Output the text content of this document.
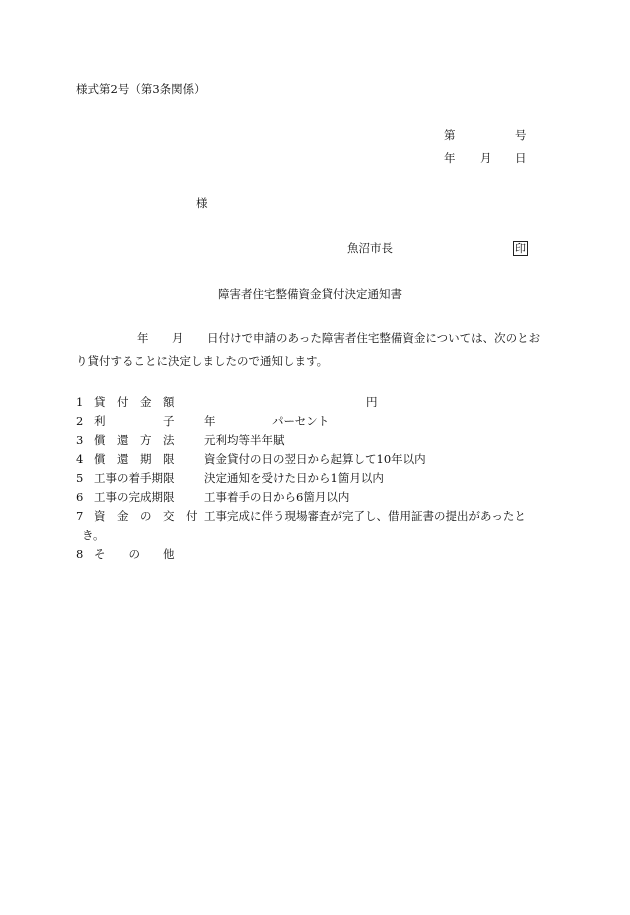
様式第2号（第3条関係）
第	号
年 月 日
様
魚沼市長	印
障害者住宅整備資金貸付決定通知書
年 月 日付けで申請のあった障害者住宅整備資金については、次のとお
り貸付することに決定しましたので通知します。
1 貸　付　金　額	円
2 利　　　　　子	年	パーセント
3 償　還　方　法	元利均等半年賦
4 償　還　期　限	資金貸付の日の翌日から起算して10年以内
5 工事の着手期限	決定通知を受けた日から1箇月以内
6 工事の完成期限	工事着手の日から6箇月以内
7 資　金　の　交　付 工事完成に伴う現場審査が完了し、借用証書の提出があったと
き。
8 そ　　の　　他
